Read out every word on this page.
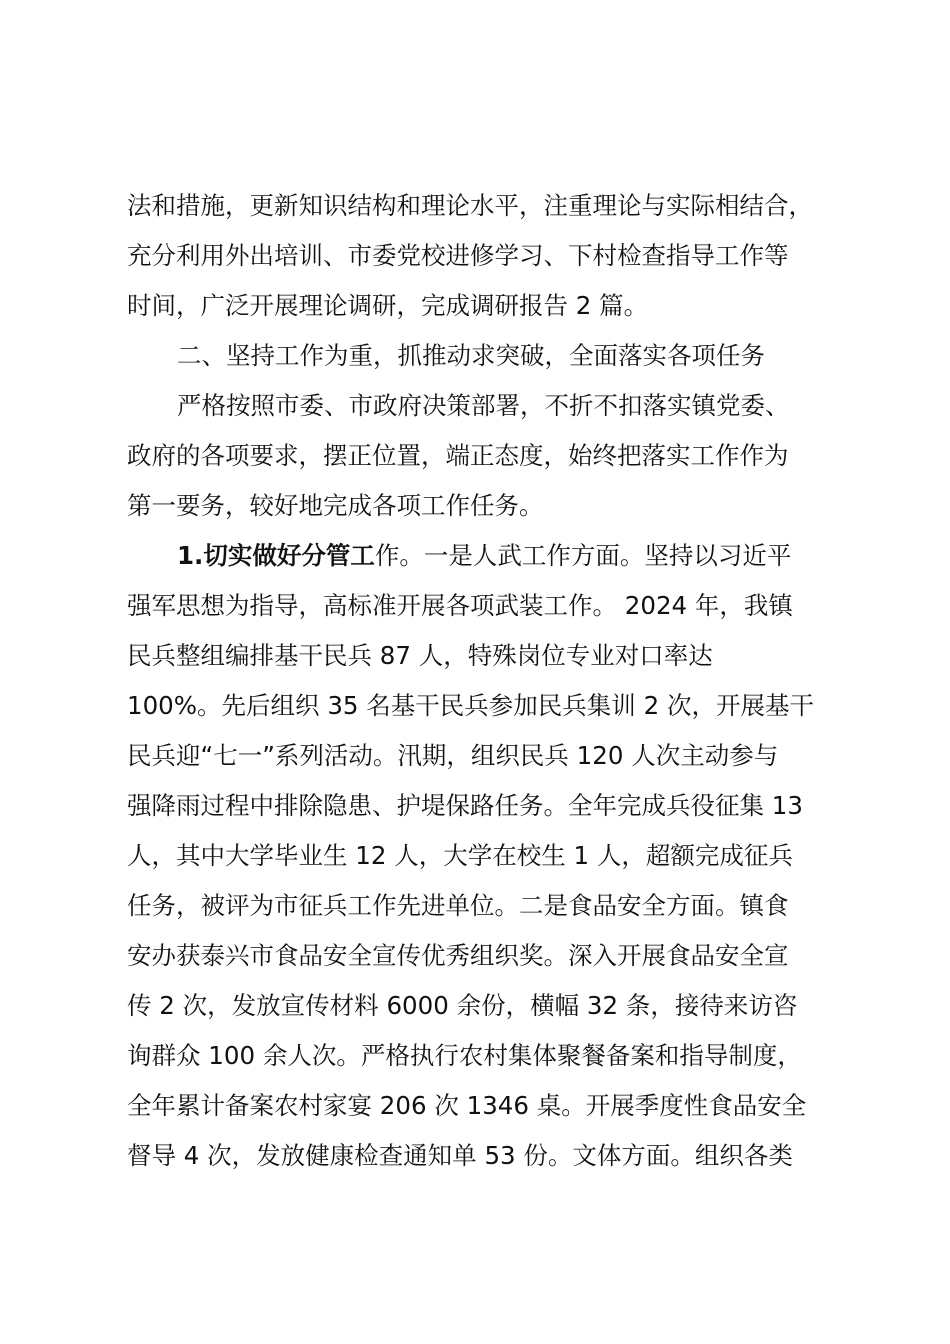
法和措施，更新知识结构和理论水平，注重理论与实际相结合，
充分利用外出培训、市委党校进修学习、下村检查指导工作等
时间，广泛开展理论调研，完成调研报告 2 篇。
二、坚持工作为重，抓推动求突破，全面落实各项任务
严格按照市委、市政府决策部署，不折不扣落实镇党委、
政府的各项要求，摆正位置，端正态度，始终把落实工作作为
第一要务，较好地完成各项工作任务。
1.切实做好分管工作。一是人武工作方面。坚持以习近平
强军思想为指导，高标准开展各项武装工作。 2024 年，我镇
民兵整组编排基干民兵 87 人，特殊岗位专业对口率达
100%。先后组织 35 名基干民兵参加民兵集训 2 次，开展基干
民兵迎“七一”系列活动。汛期，组织民兵 120 人次主动参与
强降雨过程中排除隐患、护堤保路任务。全年完成兵役征集 13
人，其中大学毕业生 12 人，大学在校生 1 人，超额完成征兵
任务，被评为市征兵工作先进单位。二是食品安全方面。镇食
安办获泰兴市食品安全宣传优秀组织奖。深入开展食品安全宣
传 2 次，发放宣传材料 6000 余份，横幅 32 条，接待来访咨
询群众 100 余人次。严格执行农村集体聚餐备案和指导制度，
全年累计备案农村家宴 206 次 1346 桌。开展季度性食品安全
督导 4 次，发放健康检查通知单 53 份。文体方面。组织各类
